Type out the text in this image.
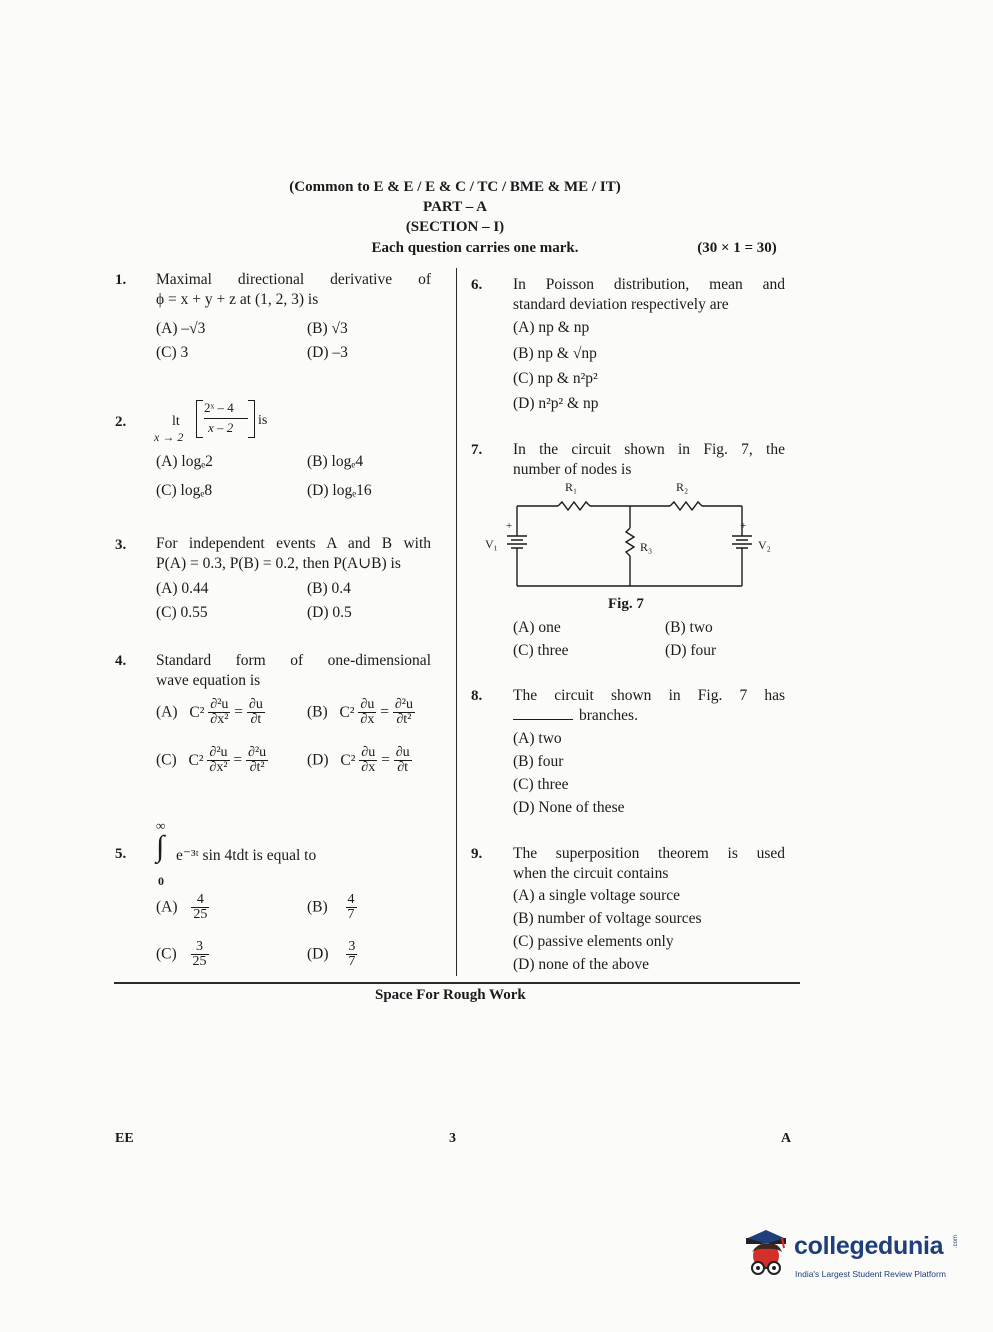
(Common to E & E / E & C / TC / BME & ME / IT)
PART – A
(SECTION – I)
Each question carries one mark.	(30 × 1 = 30)
1. Maximal directional derivative of
ϕ = x + y + z at (1, 2, 3) is
(A) –√3	(B) √3
(C) 3	(D) –3
2.	lt
x → 2
2ˣ – 4
x – 2 is
(A) logₑ2	(B) logₑ4
(C) logₑ8	(D) logₑ16
3. For independent events A and B with
P(A) = 0.3, P(B) = 0.2, then P(A∪B) is
(A) 0.44	(B) 0.4
(C) 0.55	(D) 0.5
4. Standard form of one-dimensional
wave equation is
(A) $C^2 \frac{\text{∂²u}}{\text{∂x²}} = \frac{\partial u}{\partial t}$	(B) $C^2 \frac{\partial u}{\partial x} = \frac{\text{∂²u}}{\text{∂t²}}$
(C) $C^2 \frac{\text{∂²u}}{\text{∂x²}} = \frac{\text{∂²u}}{\text{∂t²}}$	(D) $C^2 \frac{\partial u}{\partial x} = \frac{\partial u}{\partial t}$
5.
∞
∫
0
e⁻³ᵗ sin 4tdt is equal to
$(A) \frac{4}{25}$	$(B) \frac{4}{7}$
$(C) \frac{3}{25}$	$(D) \frac{3}{7}$
6. In Poisson distribution, mean and
standard deviation respectively are
(A) np & np
(B) np & √np
(C) np & n²p²
(D) n²p² & np
7. In the circuit shown in Fig. 7, the
number of nodes is
R₁	R₂
R₃
V₁	V₂
+	+
Fig. 7
(A) one	(B) two
(C) three	(D) four
8. The circuit shown in Fig. 7 has
branches.
(A) two
(B) four
(C) three
(D) None of these
9. The superposition theorem is used
when the circuit contains
(A) a single voltage source
(B) number of voltage sources
(C) passive elements only
(D) none of the above
Space For Rough Work
EE	3	A
collegedunia .com
India's Largest Student Review Platform
